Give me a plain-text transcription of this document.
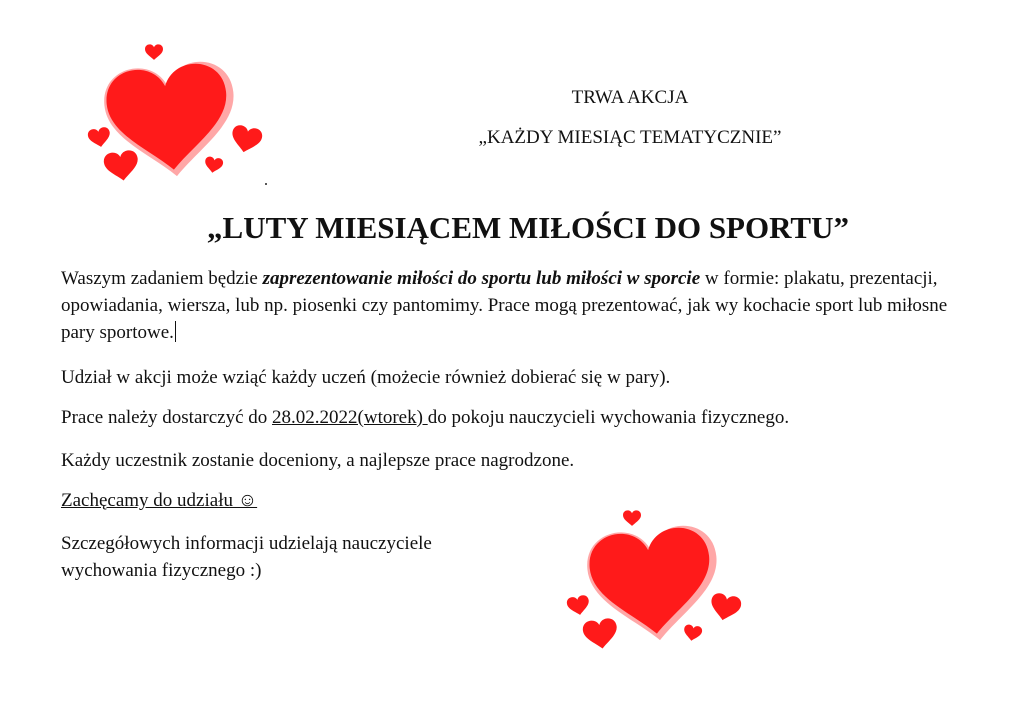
TRWA AKCJA
„KAŻDY MIESIĄC TEMATYCZNIE”
„LUTY MIESIĄCEM MIŁOŚCI DO SPORTU”

Waszym zadaniem będzie zaprezentowanie miłości do sportu lub miłości w sporcie w formie: plakatu, prezentacji, opowiadania, wiersza, lub np. piosenki czy pantomimy. Prace mogą prezentować, jak wy kochacie sport lub miłosne pary sportowe.

Udział w akcji może wziąć każdy uczeń (możecie również dobierać się w pary).

Prace należy dostarczyć do 28.02.2022(wtorek) do pokoju nauczycieli wychowania fizycznego.

Każdy uczestnik zostanie doceniony, a najlepsze prace nagrodzone.

Zachęcamy do udziału ☺

Szczegółowych informacji udzielają nauczyciele wychowania fizycznego :)
